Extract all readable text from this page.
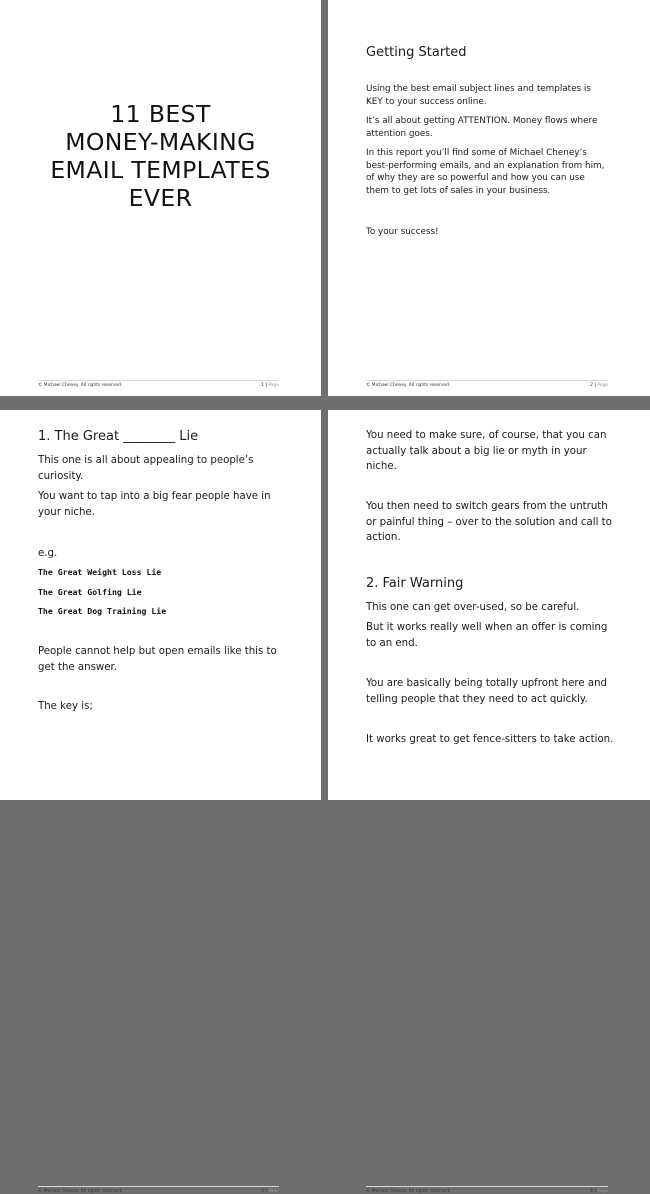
11 BEST
MONEY-MAKING
EMAIL TEMPLATES
EVER
© Michael Cheney. All rights reserved.	1 | Page
Getting Started
Using the best email subject lines and templates is KEY to your success online.
It’s all about getting ATTENTION. Money flows where attention goes.
In this report you’ll find some of Michael Cheney’s best-performing emails, and an explanation from him, of why they are so powerful and how you can use them to get lots of sales in your business.
To your success!
© Michael Cheney. All rights reserved.	2 | Page
1. The Great ________ Lie
This one is all about appealing to people’s curiosity.
You want to tap into a big fear people have in your niche.
e.g.
The Great Weight Loss Lie
The Great Golfing Lie
The Great Dog Training Lie
People cannot help but open emails like this to get the answer.
The key is;
© Michael Cheney. All rights reserved.	3 | Page
You need to make sure, of course, that you can actually talk about a big lie or myth in your niche.
You then need to switch gears from the untruth or painful thing – over to the solution and call to action.
2. Fair Warning
This one can get over-used, so be careful.
But it works really well when an offer is coming to an end.
You are basically being totally upfront here and telling people that they need to act quickly.
It works great to get fence-sitters to take action.
© Michael Cheney. All rights reserved.	4 | Page
